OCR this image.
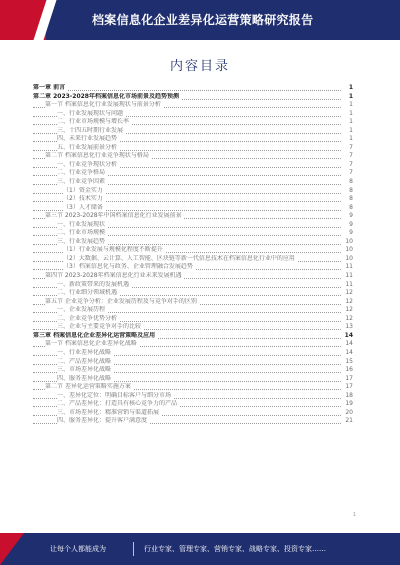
档案信息化企业差异化运营策略研究报告
内容目录
第一章 前言	1
第二章 2023-2028年档案信息化市场前景及趋势预测	1
第一节 档案信息化行业发展现状与前景分析	1
一、行业发展现状与问题	1
二、行业市场规模与增长率	1
三、十四五时期行业发展	1
四、未来行业发展趋势	1
五、行业发展前景分析	7
第二节 档案信息化行业竞争现状与格局	7
一、行业竞争现状分析	7
二、行业竞争格局	7
三、行业竞争因素	8
（1）资金实力	8
（2）技术实力	8
（3）人才储备	8
第三节 2023-2028年中国档案信息化行业发展前景	9
一、行业发展现状	9
二、行业市场规模	9
三、行业发展趋势	10
（1）行业发展与规模化程度不断提升	10
（2）大数据、云计算、人工智能、区块链等新一代信息技术在档案信息化行业中的应用	10
（3）档案信息化与政务、企业管理融合发展趋势	11
第四节 2023-2028年档案信息化行业未来发展机遇	11
一、新政策带来的发展机遇	11
二、行业细分领域机遇	12
第五节 企业竞争分析：企业发展历程及与竞争对手的区别	12
一、企业发展历程	12
二、企业竞争优势分析	12
三、企业与主要竞争对手的比较	13
第三章 档案信息化企业差异化运营策略及应用	14
第一节 档案信息化企业差异化战略	14
一、行业差异化战略	14
二、产品差异化战略	15
三、市场差异化战略	16
四、服务差异化战略	17
第二节 差异化运营策略实施方案	17
一、差异化定位：明确目标客户与细分市场	18
二、产品差异化：打造具有核心竞争力的产品	19
三、市场差异化：精准营销与渠道拓展	20
四、服务差异化：提升客户满意度	21
1
让每个人都能成为	行业专家、管理专家、营销专家、战略专家、投资专家……
